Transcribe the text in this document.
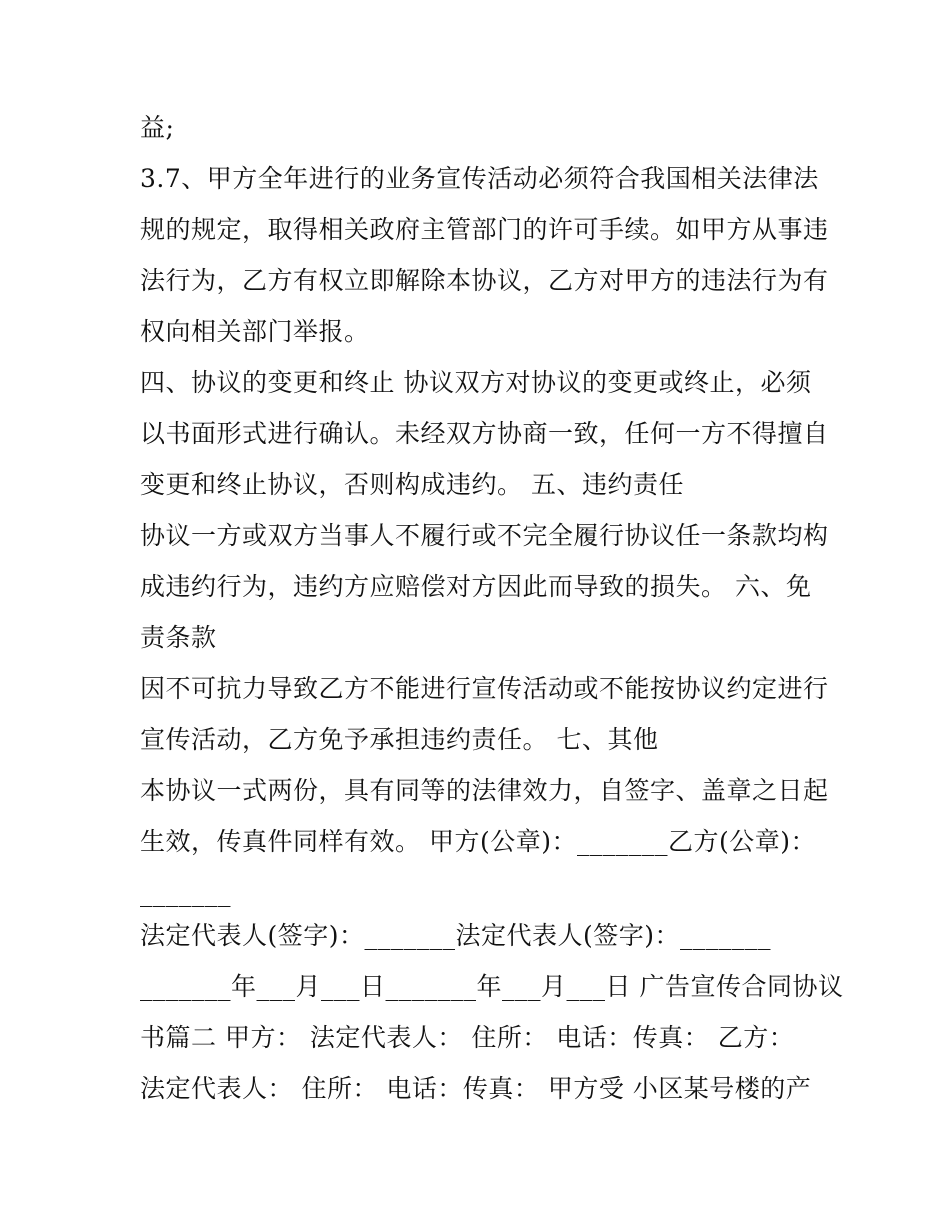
益;
3.7、甲方全年进行的业务宣传活动必须符合我国相关法律法
规的规定，取得相关政府主管部门的许可手续。如甲方从事违
法行为，乙方有权立即解除本协议，乙方对甲方的违法行为有
权向相关部门举报。
四、协议的变更和终止 协议双方对协议的变更或终止，必须
以书面形式进行确认。未经双方协商一致，任何一方不得擅自
变更和终止协议，否则构成违约。 五、违约责任
协议一方或双方当事人不履行或不完全履行协议任一条款均构
成违约行为，违约方应赔偿对方因此而导致的损失。 六、免
责条款
因不可抗力导致乙方不能进行宣传活动或不能按协议约定进行
宣传活动，乙方免予承担违约责任。 七、其他
本协议一式两份，具有同等的法律效力，自签字、盖章之日起
生效，传真件同样有效。 甲方(公章)：_______乙方(公章)：
_______
法定代表人(签字)：_______法定代表人(签字)：_______
_______年___月___日_______年___月___日 广告宣传合同协议
书篇二 甲方： 法定代表人： 住所： 电话：传真： 乙方：
法定代表人： 住所： 电话：传真： 甲方受 小区某号楼的产
